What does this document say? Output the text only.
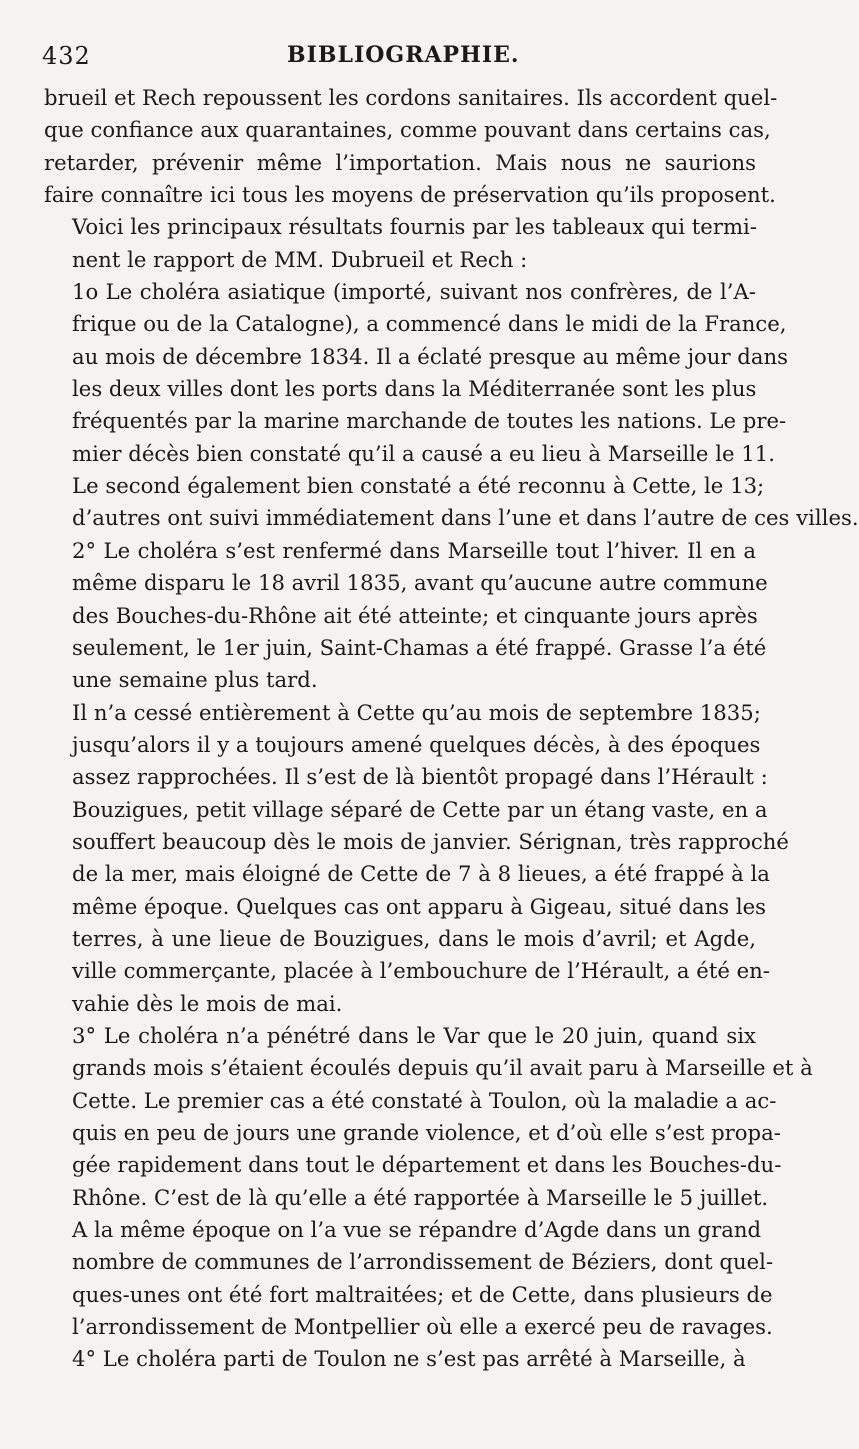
432	BIBLIOGRAPHIE.

brueil et Rech repoussent les cordons sanitaires. Ils accordent quel-
que confiance aux quarantaines, comme pouvant dans certains cas,
retarder, prévenir même l’importation. Mais nous ne saurions
faire connaître ici tous les moyens de préservation qu’ils proposent.

Voici les principaux résultats fournis par les tableaux qui termi-
nent le rapport de MM. Dubrueil et Rech :

1o Le choléra asiatique (importé, suivant nos confrères, de l’A-
frique ou de la Catalogne), a commencé dans le midi de la France,
au mois de décembre 1834. Il a éclaté presque au même jour dans
les deux villes dont les ports dans la Méditerranée sont les plus
fréquentés par la marine marchande de toutes les nations. Le pre-
mier décès bien constaté qu’il a causé a eu lieu à Marseille le 11.
Le second également bien constaté a été reconnu à Cette, le 13;
d’autres ont suivi immédiatement dans l’une et dans l’autre de ces villes.

2° Le choléra s’est renfermé dans Marseille tout l’hiver. Il en a
même disparu le 18 avril 1835, avant qu’aucune autre commune
des Bouches-du-Rhône ait été atteinte; et cinquante jours après
seulement, le 1er juin, Saint-Chamas a été frappé. Grasse l’a été
une semaine plus tard.

Il n’a cessé entièrement à Cette qu’au mois de septembre 1835;
jusqu’alors il y a toujours amené quelques décès, à des époques
assez rapprochées. Il s’est de là bientôt propagé dans l’Hérault :
Bouzigues, petit village séparé de Cette par un étang vaste, en a
souffert beaucoup dès le mois de janvier. Sérignan, très rapproché
de la mer, mais éloigné de Cette de 7 à 8 lieues, a été frappé à la
même époque. Quelques cas ont apparu à Gigeau, situé dans les
terres, à une lieue de Bouzigues, dans le mois d’avril; et Agde,
ville commerçante, placée à l’embouchure de l’Hérault, a été en-
vahie dès le mois de mai.

3° Le choléra n’a pénétré dans le Var que le 20 juin, quand six
grands mois s’étaient écoulés depuis qu’il avait paru à Marseille et à
Cette. Le premier cas a été constaté à Toulon, où la maladie a ac-
quis en peu de jours une grande violence, et d’où elle s’est propa-
gée rapidement dans tout le département et dans les Bouches-du-
Rhône. C’est de là qu’elle a été rapportée à Marseille le 5 juillet.

A la même époque on l’a vue se répandre d’Agde dans un grand
nombre de communes de l’arrondissement de Béziers, dont quel-
ques-unes ont été fort maltraitées; et de Cette, dans plusieurs de
l’arrondissement de Montpellier où elle a exercé peu de ravages.

4° Le choléra parti de Toulon ne s’est pas arrêté à Marseille, à
